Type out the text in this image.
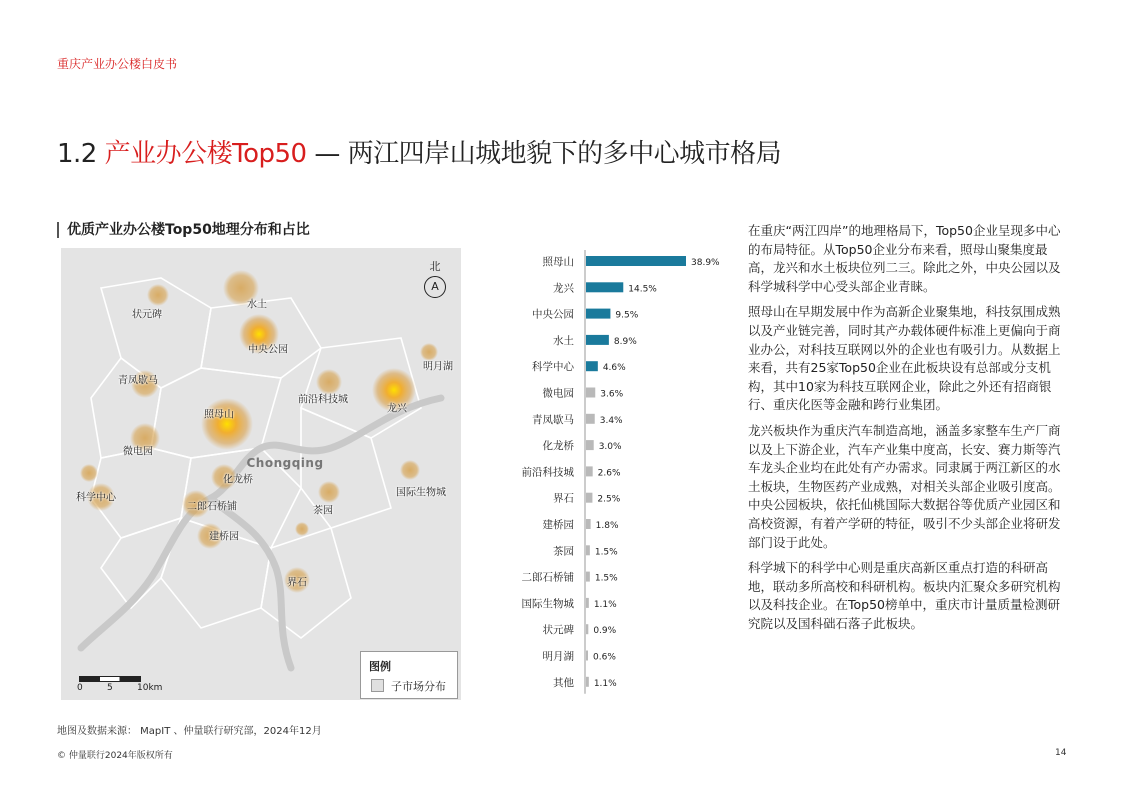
重庆产业办公楼白皮书
1.2 产业办公楼Top50 — 两江四岸山城地貌下的多中心城市格局
优质产业办公楼Top50地理分布和占比
北
A
Chongqing
水土
状元碑
中央公园
明月湖
青凤歇马
前沿科技城
龙兴
照母山
微电园
科学中心
化龙桥
国际生物城
二郎石桥铺	茶园
建桥园
界石
0	5	10km
图例
子市场分布
照母山	38.9%
龙兴	14.5%
中央公园	9.5%
水土	8.9%
科学中心	4.6%
微电园	3.6%
青凤歇马	3.4%
化龙桥	3.0%
前沿科技城	2.6%
界石	2.5%
建桥园 1.8%
茶园 1.5%
二郎石桥铺 1.5%
国际生物城 1.1%
状元碑 0.9%
明月湖 0.6%
其他 1.1%

在重庆“两江四岸”的地理格局下，Top50企业呈现多中心的布局特征。从Top50企业分布来看，照母山聚集度最高，龙兴和水土板块位列二三。除此之外，中央公园以及科学城科学中心受头部企业青睐。

照母山在早期发展中作为高新企业聚集地，科技氛围成熟以及产业链完善，同时其产办载体硬件标准上更偏向于商业办公，对科技互联网以外的企业也有吸引力。从数据上来看，共有25家Top50企业在此板块设有总部或分支机构，其中10家为科技互联网企业，除此之外还有招商银行、重庆化医等金融和跨行业集团。

龙兴板块作为重庆汽车制造高地，涵盖多家整车生产厂商以及上下游企业，汽车产业集中度高，长安、赛力斯等汽车龙头企业均在此处有产办需求。同隶属于两江新区的水土板块，生物医药产业成熟，对相关头部企业吸引度高。中央公园板块，依托仙桃国际大数据谷等优质产业园区和高校资源，有着产学研的特征，吸引不少头部企业将研发部门设于此处。

科学城下的科学中心则是重庆高新区重点打造的科研高地，联动多所高校和科研机构。板块内汇聚众多研究机构以及科技企业。在Top50榜单中，重庆市计量质量检测研究院以及国科础石落子此板块。

地图及数据来源： MapIT 、仲量联行研究部，2024年12月
© 仲量联行2024年版权所有	14
